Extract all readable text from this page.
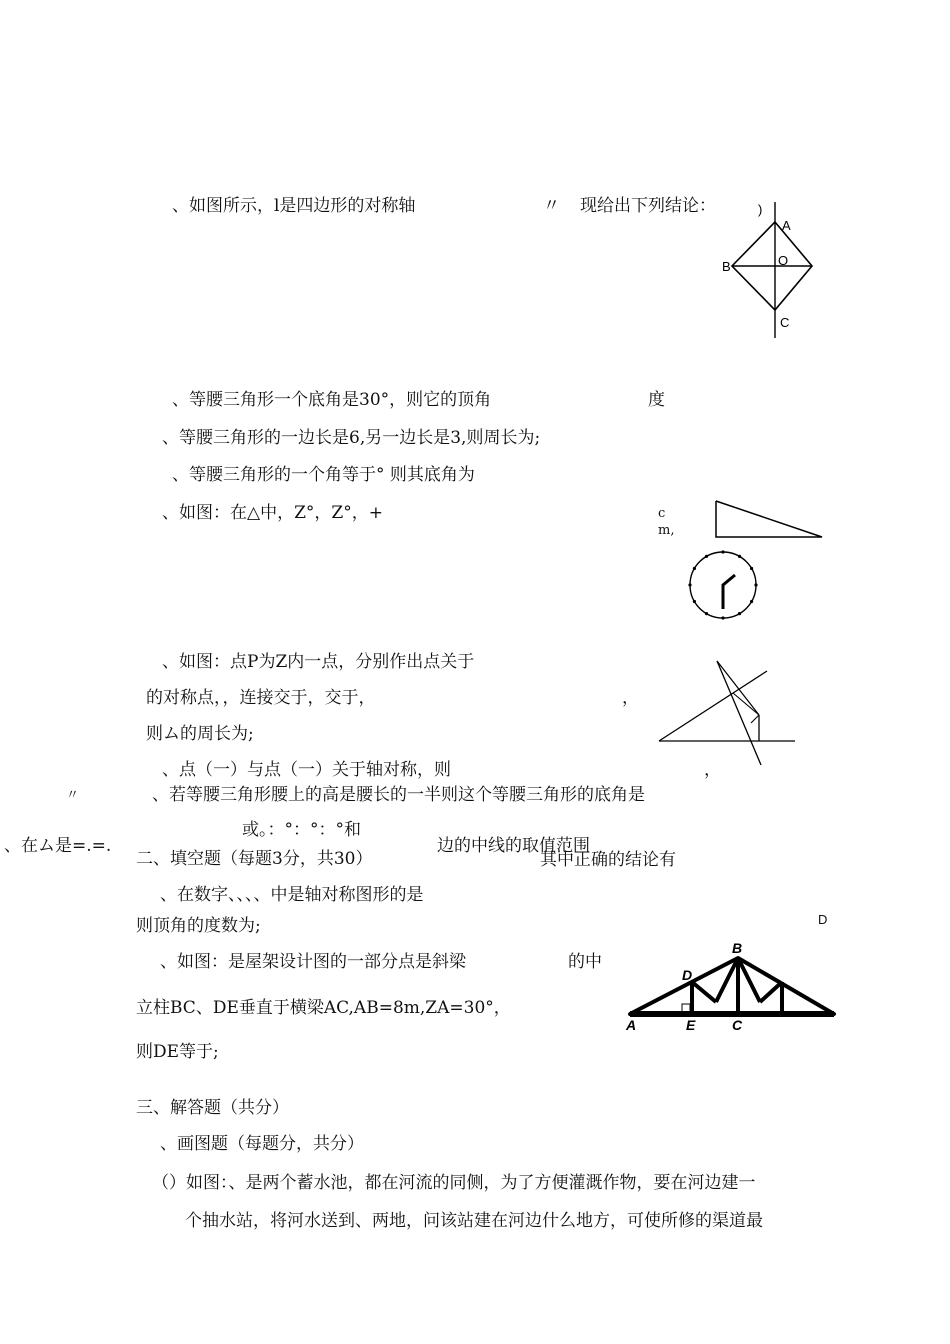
、如图所示，l是四边形的对称轴	〃 现给出下列结论：
A
B	O
C
)
、等腰三角形一个底角是30°，则它的顶角	度
、等腰三角形的一边长是6,另一边长是3,则周长为;
、等腰三角形的一个角等于° 则其底角为
、如图：在△中，Z°，Z°，+	c
m,
、如图：点P为Z内一点，分别作出点关于
的对称点，，连接交于，交于，	，
则ム的周长为;
、点（一）与点（一）关于轴对称，则	，
、若等腰三角形腰上的高是腰长的一半则这个等腰三角形的底角是
〃
或。：°：°：°和
、在ム是=.=.
二、填空题（每题3分，共30）
边的中线的取值范围
其中正确的结论有
、在数字、、、、中是轴对称图形的是
则顶角的度数为;	D
、如图：是屋架设计图的一部分点是斜梁	的中
立柱BC、DE垂直于横梁AC,AB=8m,ZA=30°，
则DE等于;
B
D
A	E	C
三、解答题（共分）
、画图题（每题分，共分）
（）如图：、是两个蓄水池，都在河流的同侧，为了方便灌溉作物，要在河边建一
个抽水站，将河水送到、两地，问该站建在河边什么地方，可使所修的渠道最
